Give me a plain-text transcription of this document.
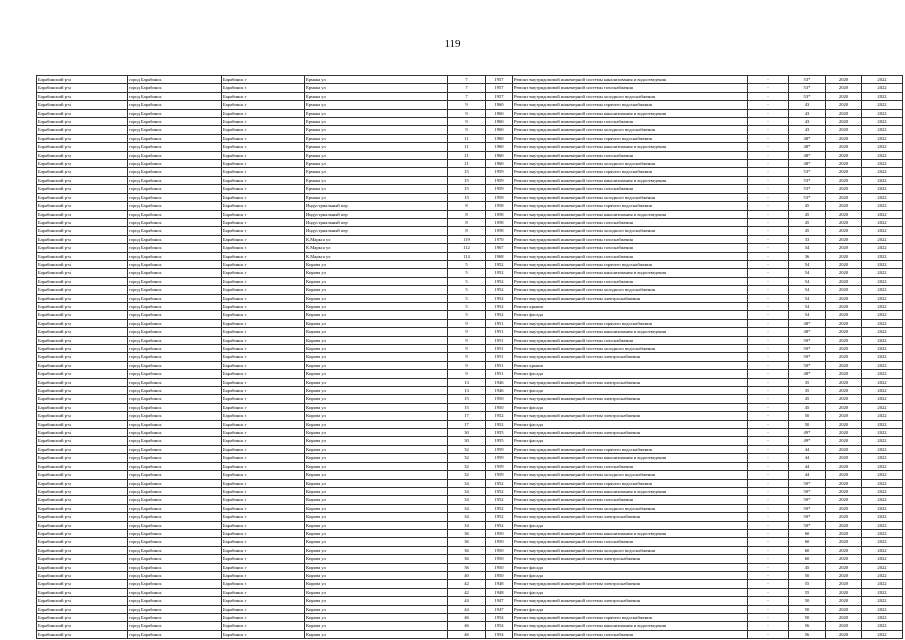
119
Барабинский р-н	город Барабинск	Барабинск г	Ермака ул	7	1957	Ремонт внутридомовой инженерной системы канализования и водоотведения	-	53*	2020	2022
Барабинский р-н	город Барабинск	Барабинск г	Ермака ул	7	1957	Ремонт внутридомовой инженерной системы газоснабжения	-	53*	2020	2022
Барабинский р-н	город Барабинск	Барабинск г	Ермака ул	7	1957	Ремонт внутридомовой инженерной системы холодного водоснабжения	-	53*	2020	2022
Барабинский р-н	город Барабинск	Барабинск г	Ермака ул	9	1960	Ремонт внутридомовой инженерной системы горячего водоснабжения	-	43	2020	2022
Барабинский р-н	город Барабинск	Барабинск г	Ермака ул	9	1960	Ремонт внутридомовой инженерной системы канализования и водоотведения	-	43	2020	2022
Барабинский р-н	город Барабинск	Барабинск г	Ермака ул	9	1960	Ремонт внутридомовой инженерной системы газоснабжения	-	43	2020	2022
Барабинский р-н	город Барабинск	Барабинск г	Ермака ул	9	1960	Ремонт внутридомовой инженерной системы холодного водоснабжения	-	43	2020	2022
Барабинский р-н	город Барабинск	Барабинск г	Ермака ул	11	1960	Ремонт внутридомовой инженерной системы горячего водоснабжения	-	48*	2020	2022
Барабинский р-н	город Барабинск	Барабинск г	Ермака ул	11	1960	Ремонт внутридомовой инженерной системы канализования и водоотведения	-	48*	2020	2022
Барабинский р-н	город Барабинск	Барабинск г	Ермака ул	11	1960	Ремонт внутридомовой инженерной системы газоснабжения	-	48*	2020	2022
Барабинский р-н	город Барабинск	Барабинск г	Ермака ул	11	1960	Ремонт внутридомовой инженерной системы холодного водоснабжения	-	48*	2020	2022
Барабинский р-н	город Барабинск	Барабинск г	Ермака ул	15	1959	Ремонт внутридомовой инженерной системы горячего водоснабжения	-	53*	2020	2022
Барабинский р-н	город Барабинск	Барабинск г	Ермака ул	15	1959	Ремонт внутридомовой инженерной системы канализования и водоотведения	-	53*	2020	2022
Барабинский р-н	город Барабинск	Барабинск г	Ермака ул	15	1959	Ремонт внутридомовой инженерной системы газоснабжения	-	53*	2020	2022
Барабинский р-н	город Барабинск	Барабинск г	Ермака ул	15	1959	Ремонт внутридомовой инженерной системы холодного водоснабжения	-	53*	2020	2022
Барабинский р-н	город Барабинск	Барабинск г	Индустриальный пер	8	1958	Ремонт внутридомовой инженерной системы горячего водоснабжения	-	45	2020	2022
Барабинский р-н	город Барабинск	Барабинск г	Индустриальный пер	8	1958	Ремонт внутридомовой инженерной системы канализования и водоотведения	-	45	2020	2022
Барабинский р-н	город Барабинск	Барабинск г	Индустриальный пер	8	1958	Ремонт внутридомовой инженерной системы газоснабжения	-	45	2020	2022
Барабинский р-н	город Барабинск	Барабинск г	Индустриальный пер	8	1958	Ремонт внутридомовой инженерной системы холодного водоснабжения	-	45	2020	2022
Барабинский р-н	город Барабинск	Барабинск г	К.Маркса ул	119	1970	Ремонт внутридомовой инженерной системы газоснабжения	-	33	2020	2022
Барабинский р-н	город Барабинск	Барабинск г	К.Маркса ул	112	1967	Ремонт внутридомовой инженерной системы газоснабжения	-	34	2020	2022
Барабинский р-н	город Барабинск	Барабинск г	К.Маркса ул	114	1968	Ремонт внутридомовой инженерной системы газоснабжения	-	36	2020	2022
Барабинский р-н	город Барабинск	Барабинск г	Кирова ул	5	1952	Ремонт внутридомовой инженерной системы горячего водоснабжения	-	54	2020	2022
Барабинский р-н	город Барабинск	Барабинск г	Кирова ул	5	1952	Ремонт внутридомовой инженерной системы канализования и водоотведения	-	54	2020	2022
Барабинский р-н	город Барабинск	Барабинск г	Кирова ул	5	1952	Ремонт внутридомовой инженерной системы газоснабжения	-	54	2020	2022
Барабинский р-н	город Барабинск	Барабинск г	Кирова ул	5	1952	Ремонт внутридомовой инженерной системы холодного водоснабжения	-	54	2020	2022
Барабинский р-н	город Барабинск	Барабинск г	Кирова ул	5	1952	Ремонт внутридомовой инженерной системы электроснабжения	-	54	2020	2022
Барабинский р-н	город Барабинск	Барабинск г	Кирова ул	5	1952	Ремонт крыши	-	54	2020	2022
Барабинский р-н	город Барабинск	Барабинск г	Кирова ул	5	1952	Ремонт фасада	-	54	2020	2022
Барабинский р-н	город Барабинск	Барабинск г	Кирова ул	9	1951	Ремонт внутридомовой инженерной системы горячего водоснабжения	-	48*	2020	2022
Барабинский р-н	город Барабинск	Барабинск г	Кирова ул	9	1951	Ремонт внутридомовой инженерной системы канализования и водоотведения	-	48*	2020	2022
Барабинский р-н	город Барабинск	Барабинск г	Кирова ул	9	1951	Ремонт внутридомовой инженерной системы газоснабжения	-	50*	2020	2022
Барабинский р-н	город Барабинск	Барабинск г	Кирова ул	9	1951	Ремонт внутридомовой инженерной системы холодного водоснабжения	-	50*	2020	2022
Барабинский р-н	город Барабинск	Барабинск г	Кирова ул	9	1951	Ремонт внутридомовой инженерной системы электроснабжения	-	50*	2020	2022
Барабинский р-н	город Барабинск	Барабинск г	Кирова ул	9	1951	Ремонт крыши	-	50*	2020	2022
Барабинский р-н	город Барабинск	Барабинск г	Кирова ул	9	1951	Ремонт фасада	-	48*	2020	2022
Барабинский р-н	город Барабинск	Барабинск г	Кирова ул	13	1946	Ремонт внутридомовой инженерной системы электроснабжения	-	35	2020	2022
Барабинский р-н	город Барабинск	Барабинск г	Кирова ул	13	1946	Ремонт фасада	-	35	2020	2022
Барабинский р-н	город Барабинск	Барабинск г	Кирова ул	15	1950	Ремонт внутридомовой инженерной системы электроснабжения	-	45	2020	2022
Барабинский р-н	город Барабинск	Барабинск г	Кирова ул	15	1950	Ремонт фасада	-	45	2020	2022
Барабинский р-н	город Барабинск	Барабинск г	Кирова ул	17	1952	Ремонт внутридомовой инженерной системы электроснабжения	-	50	2020	2022
Барабинский р-н	город Барабинск	Барабинск г	Кирова ул	17	1952	Ремонт фасада	-	50	2020	2022
Барабинский р-н	город Барабинск	Барабинск г	Кирова ул	30	1955	Ремонт внутридомовой инженерной системы электроснабжения	-	49*	2020	2022
Барабинский р-н	город Барабинск	Барабинск г	Кирова ул	30	1955	Ремонт фасада	-	49*	2020	2022
Барабинский р-н	город Барабинск	Барабинск г	Кирова ул	32	1959	Ремонт внутридомовой инженерной системы горячего водоснабжения	-	44	2020	2022
Барабинский р-н	город Барабинск	Барабинск г	Кирова ул	32	1959	Ремонт внутридомовой инженерной системы канализования и водоотведения	-	44	2020	2022
Барабинский р-н	город Барабинск	Барабинск г	Кирова ул	32	1959	Ремонт внутридомовой инженерной системы газоснабжения	-	44	2020	2022
Барабинский р-н	город Барабинск	Барабинск г	Кирова ул	32	1959	Ремонт внутридомовой инженерной системы холодного водоснабжения	-	44	2020	2022
Барабинский р-н	город Барабинск	Барабинск г	Кирова ул	34	1952	Ремонт внутридомовой инженерной системы горячего водоснабжения	-	50*	2020	2022
Барабинский р-н	город Барабинск	Барабинск г	Кирова ул	34	1952	Ремонт внутридомовой инженерной системы канализования и водоотведения	-	50*	2020	2022
Барабинский р-н	город Барабинск	Барабинск г	Кирова ул	34	1952	Ремонт внутридомовой инженерной системы газоснабжения	-	50*	2020	2022
Барабинский р-н	город Барабинск	Барабинск г	Кирова ул	34	1952	Ремонт внутридомовой инженерной системы холодного водоснабжения	-	50*	2020	2022
Барабинский р-н	город Барабинск	Барабинск г	Кирова ул	34	1952	Ремонт внутридомовой инженерной системы электроснабжения	-	50*	2020	2022
Барабинский р-н	город Барабинск	Барабинск г	Кирова ул	34	1952	Ремонт фасада	-	50*	2020	2022
Барабинский р-н	город Барабинск	Барабинск г	Кирова ул	36	1950	Ремонт внутридомовой инженерной системы канализования и водоотведения	-	60	2020	2022
Барабинский р-н	город Барабинск	Барабинск г	Кирова ул	36	1950	Ремонт внутридомовой инженерной системы газоснабжения	-	60	2020	2022
Барабинский р-н	город Барабинск	Барабинск г	Кирова ул	36	1950	Ремонт внутридомовой инженерной системы холодного водоснабжения	-	60	2020	2022
Барабинский р-н	город Барабинск	Барабинск г	Кирова ул	36	1950	Ремонт внутридомовой инженерной системы электроснабжения	-	60	2020	2022
Барабинский р-н	город Барабинск	Барабинск г	Кирова ул	36	1950	Ремонт фасада	-	45	2020	2022
Барабинский р-н	город Барабинск	Барабинск г	Кирова ул	40	1950	Ремонт фасада	-	50	2020	2022
Барабинский р-н	город Барабинск	Барабинск г	Кирова ул	42	1948	Ремонт внутридомовой инженерной системы электроснабжения	-	55	2020	2022
Барабинский р-н	город Барабинск	Барабинск г	Кирова ул	42	1948	Ремонт фасада	-	55	2020	2022
Барабинский р-н	город Барабинск	Барабинск г	Кирова ул	44	1947	Ремонт внутридомовой инженерной системы электроснабжения	-	50	2020	2022
Барабинский р-н	город Барабинск	Барабинск г	Кирова ул	44	1947	Ремонт фасада	-	50	2020	2022
Барабинский р-н	город Барабинск	Барабинск г	Кирова ул	46	1954	Ремонт внутридомовой инженерной системы горячего водоснабжения	-	50	2020	2022
Барабинский р-н	город Барабинск	Барабинск г	Кирова ул	46	1954	Ремонт внутридомовой инженерной системы канализования и водоотведения	-	56	2020	2022
Барабинский р-н	город Барабинск	Барабинск г	Кирова ул	46	1954	Ремонт внутридомовой инженерной системы газоснабжения	-	56	2020	2022
